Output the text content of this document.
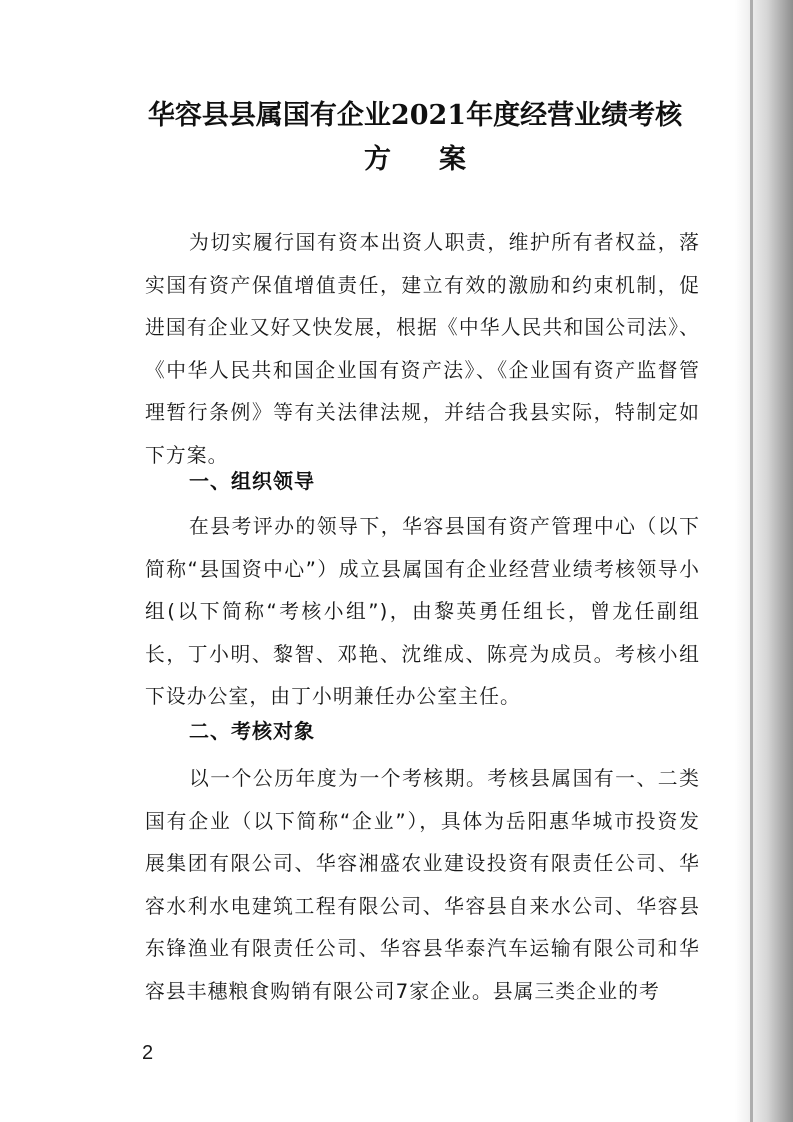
华容县县属国有企业2021年度经营业绩考核
方案

为切实履行国有资本出资人职责，维护所有者权益，落实国有资产保值增值责任，建立有效的激励和约束机制，促进国有企业又好又快发展，根据《中华人民共和国公司法》、《中华人民共和国企业国有资产法》、《企业国有资产监督管理暂行条例》等有关法律法规，并结合我县实际，特制定如下方案。

一、组织领导

在县考评办的领导下，华容县国有资产管理中心（以下简称“县国资中心”）成立县属国有企业经营业绩考核领导小组(以下简称“考核小组”)，由黎英勇任组长，曾龙任副组长，丁小明、黎智、邓艳、沈维成、陈亮为成员。考核小组下设办公室，由丁小明兼任办公室主任。

二、考核对象

以一个公历年度为一个考核期。考核县属国有一、二类国有企业（以下简称“企业”），具体为岳阳惠华城市投资发展集团有限公司、华容湘盛农业建设投资有限责任公司、华容水利水电建筑工程有限公司、华容县自来水公司、华容县东锋渔业有限责任公司、华容县华泰汽车运输有限公司和华容县丰穗粮食购销有限公司7家企业。县属三类企业的考

2
